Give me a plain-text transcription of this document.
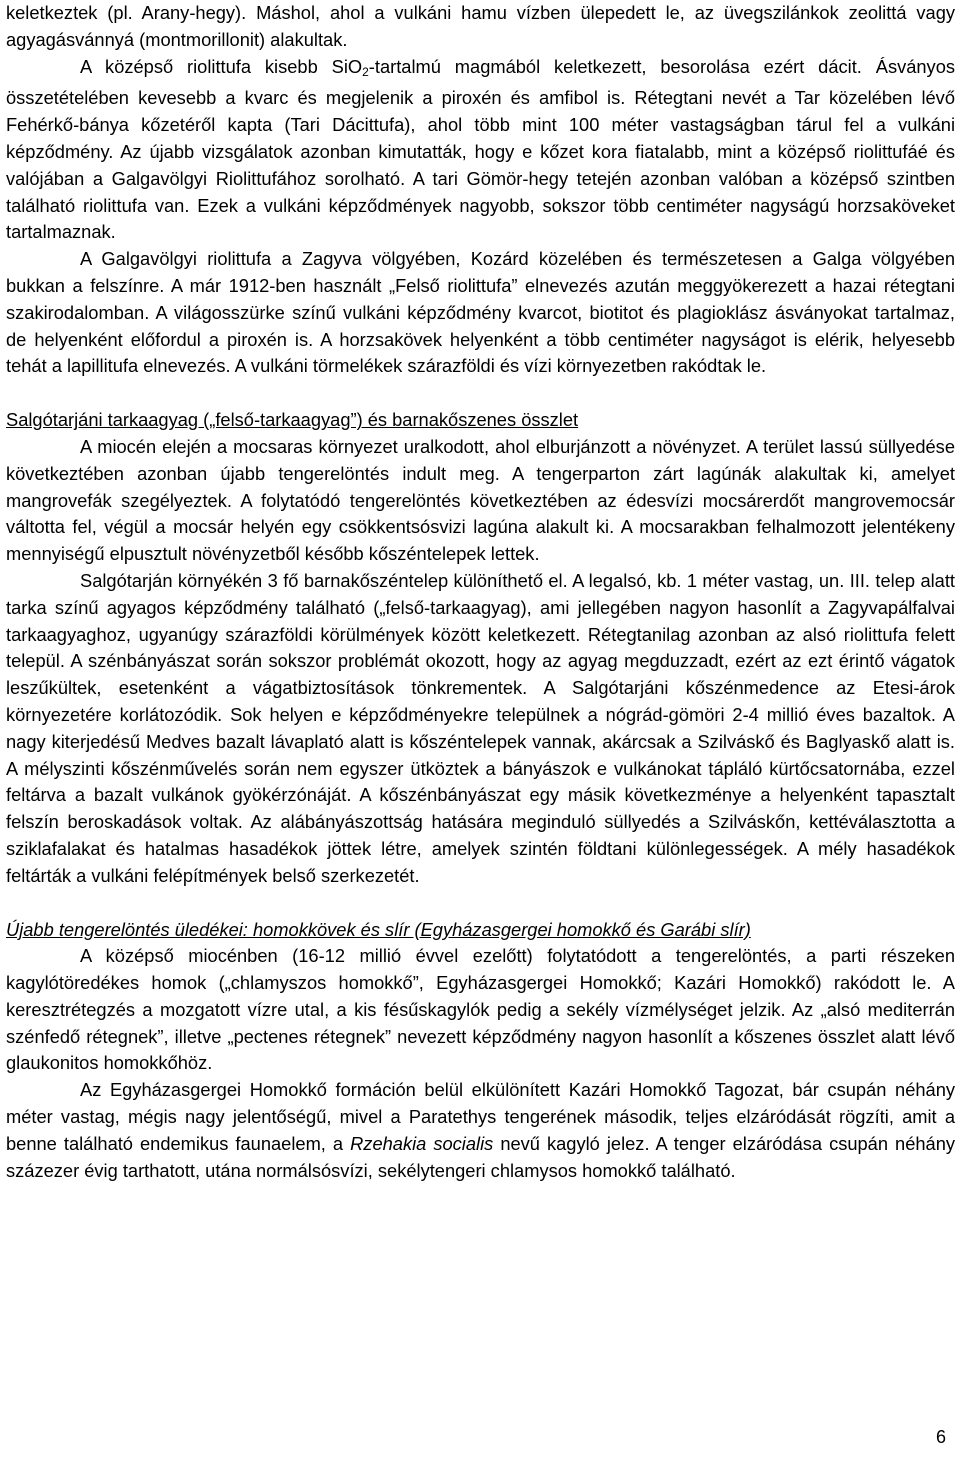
keletkeztek (pl. Arany-hegy). Máshol, ahol a vulkáni hamu vízben ülepedett le, az üvegszilánkok zeolittá vagy agyagásvánnyá (montmorillonit) alakultak.

A középső riolittufa kisebb SiO$_2$-tartalmú magmából keletkezett, besorolása ezért dácit. Ásványos összetételében kevesebb a kvarc és megjelenik a piroxén és amfibol is. Rétegtani nevét a Tar közelében lévő Fehérkő-bánya kőzetéről kapta (Tari Dácittufa), ahol több mint 100 méter vastagságban tárul fel a vulkáni képződmény. Az újabb vizsgálatok azonban kimutatták, hogy e kőzet kora fiatalabb, mint a középső riolittufáé és valójában a Galgavölgyi Riolittufához sorolható. A tari Gömör-hegy tetején azonban valóban a középső szintben található riolittufa van. Ezek a vulkáni képződmények nagyobb, sokszor több centiméter nagyságú horzsaköveket tartalmaznak.

A Galgavölgyi riolittufa a Zagyva völgyében, Kozárd közelében és természetesen a Galga völgyében bukkan a felszínre. A már 1912-ben használt „Felső riolittufa” elnevezés azután meggyökerezett a hazai rétegtani szakirodalomban. A világosszürke színű vulkáni képződmény kvarcot, biotitot és plagioklász ásványokat tartalmaz, de helyenként előfordul a piroxén is. A horzsakövek helyenként a több centiméter nagyságot is elérik, helyesebb tehát a lapillitufa elnevezés. A vulkáni törmelékek szárazföldi és vízi környezetben rakódtak le.

Salgótarjáni tarkaagyag („felső-tarkaagyag”) és barnakőszenes összlet

A miocén elején a mocsaras környezet uralkodott, ahol elburjánzott a növényzet. A terület lassú süllyedése következtében azonban újabb tengerelöntés indult meg. A tengerparton zárt lagúnák alakultak ki, amelyet mangrovefák szegélyeztek. A folytatódó tengerelöntés következtében az édesvízi mocsárerdőt mangrovemocsár váltotta fel, végül a mocsár helyén egy csökkentsósvizi lagúna alakult ki. A mocsarakban felhalmozott jelentékeny mennyiségű elpusztult növényzetből később kőszéntelepek lettek.

Salgótarján környékén 3 fő barnakőszéntelep különíthető el. A legalsó, kb. 1 méter vastag, un. III. telep alatt tarka színű agyagos képződmény található („felső-tarkaagyag), ami jellegében nagyon hasonlít a Zagyvapálfalvai tarkaagyaghoz, ugyanúgy szárazföldi körülmények között keletkezett. Rétegtanilag azonban az alsó riolittufa felett települ. A szénbányászat során sokszor problémát okozott, hogy az agyag megduzzadt, ezért az ezt érintő vágatok leszűkültek, esetenként a vágatbiztosítások tönkrementek. A Salgótarjáni kőszénmedence az Etesi-árok környezetére korlátozódik. Sok helyen e képződményekre települnek a nógrád-gömöri 2-4 millió éves bazaltok. A nagy kiterjedésű Medves bazalt lávaplató alatt is kőszéntelepek vannak, akárcsak a Szilváskő és Baglyaskő alatt is. A mélyszinti kőszénművelés során nem egyszer ütköztek a bányászok e vulkánokat tápláló kürtőcsatornába, ezzel feltárva a bazalt vulkánok gyökérzónáját. A kőszénbányászat egy másik következménye a helyenként tapasztalt felszín beroskadások voltak. Az alábányászottság hatására meginduló süllyedés a Szilváskőn, kettéválasztotta a sziklafalakat és hatalmas hasadékok jöttek létre, amelyek szintén földtani különlegességek. A mély hasadékok feltárták a vulkáni felépítmények belső szerkezetét.

Újabb tengerelöntés üledékei: homokkövek és slír (Egyházasgergei homokkő és Garábi slír)

A középső miocénben (16-12 millió évvel ezelőtt) folytatódott a tengerelöntés, a parti részeken kagylótöredékes homok („chlamyszos homokkő”, Egyházasgergei Homokkő; Kazári Homokkő) rakódott le. A keresztrétegzés a mozgatott vízre utal, a kis fésűskagylók pedig a sekély vízmélységet jelzik. Az „alsó mediterrán szénfedő rétegnek”, illetve „pectenes rétegnek” nevezett képződmény nagyon hasonlít a kőszenes összlet alatt lévő glaukonitos homokkőhöz.

Az Egyházasgergei Homokkő formáción belül elkülönített Kazári Homokkő Tagozat, bár csupán néhány méter vastag, mégis nagy jelentőségű, mivel a Paratethys tengerének második, teljes elzáródását rögzíti, amit a benne található endemikus faunaelem, a Rzehakia socialis nevű kagyló jelez. A tenger elzáródása csupán néhány százezer évig tarthatott, utána normálsósvízi, sekélytengeri chlamysos homokkő található.

6
